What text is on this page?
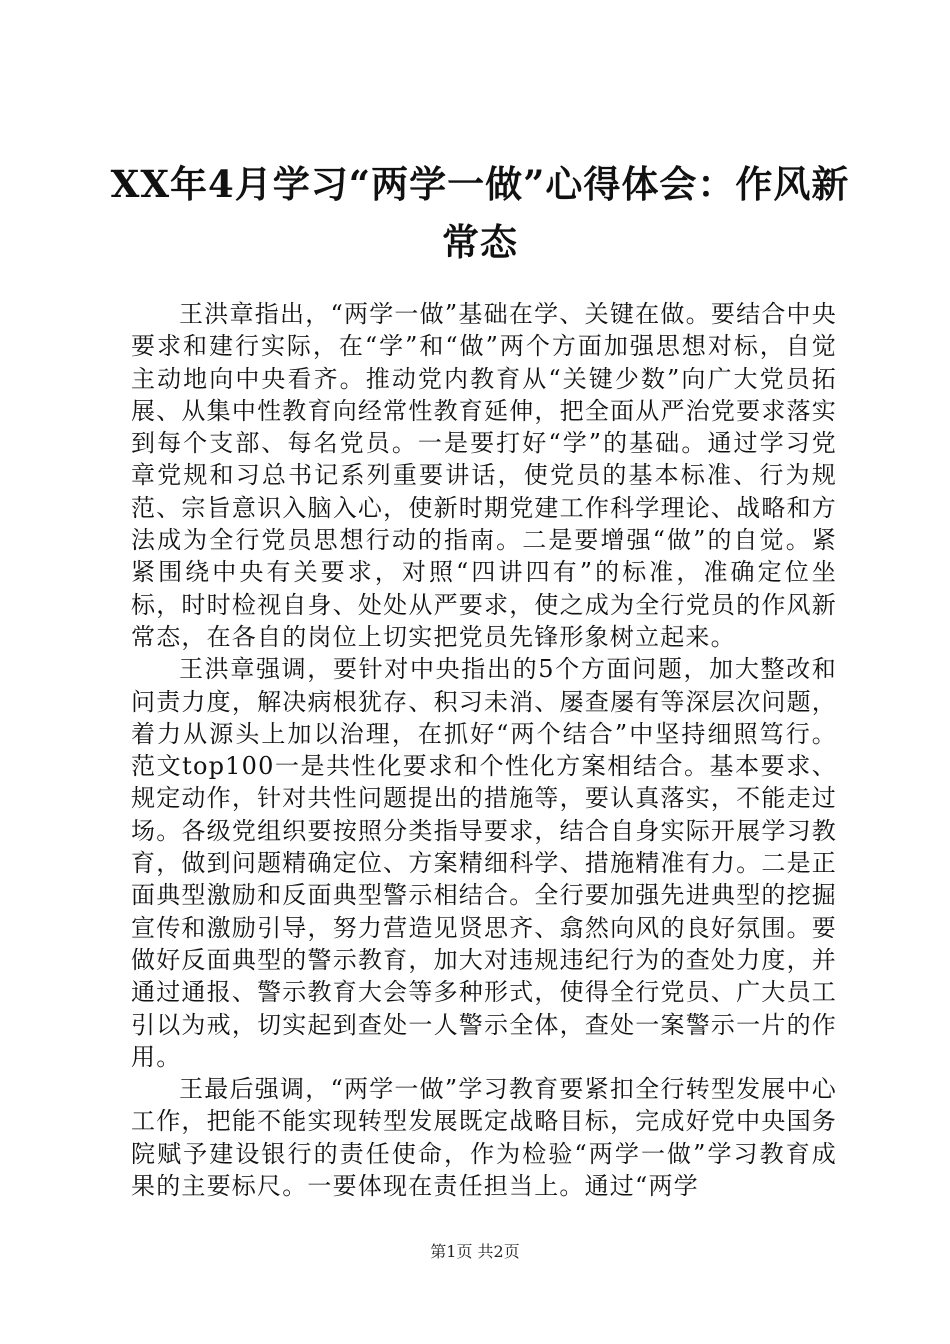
XX年4月学习“两学一做”心得体会：作风新常态

王洪章指出，“两学一做”基础在学、关键在做。要结合中央要求和建行实际，在“学”和“做”两个方面加强思想对标，自觉主动地向中央看齐。推动党内教育从“关键少数”向广大党员拓展、从集中性教育向经常性教育延伸，把全面从严治党要求落实到每个支部、每名党员。一是要打好“学”的基础。通过学习党章党规和习总书记系列重要讲话，使党员的基本标准、行为规范、宗旨意识入脑入心，使新时期党建工作科学理论、战略和方法成为全行党员思想行动的指南。二是要增强“做”的自觉。紧紧围绕中央有关要求，对照“四讲四有”的标准，准确定位坐标，时时检视自身、处处从严要求，使之成为全行党员的作风新常态，在各自的岗位上切实把党员先锋形象树立起来。

王洪章强调，要针对中央指出的5个方面问题，加大整改和问责力度，解决病根犹存、积习未消、屡查屡有等深层次问题，着力从源头上加以治理，在抓好“两个结合”中坚持细照笃行。范文top100一是共性化要求和个性化方案相结合。基本要求、规定动作，针对共性问题提出的措施等，要认真落实，不能走过场。各级党组织要按照分类指导要求，结合自身实际开展学习教育，做到问题精确定位、方案精细科学、措施精准有力。二是正面典型激励和反面典型警示相结合。全行要加强先进典型的挖掘宣传和激励引导，努力营造见贤思齐、翕然向风的良好氛围。要做好反面典型的警示教育，加大对违规违纪行为的查处力度，并通过通报、警示教育大会等多种形式，使得全行党员、广大员工引以为戒，切实起到查处一人警示全体，查处一案警示一片的作用。

王最后强调，“两学一做”学习教育要紧扣全行转型发展中心工作，把能不能实现转型发展既定战略目标，完成好党中央国务院赋予建设银行的责任使命，作为检验“两学一做”学习教育成果的主要标尺。一要体现在责任担当上。通过“两学

第1页 共2页
